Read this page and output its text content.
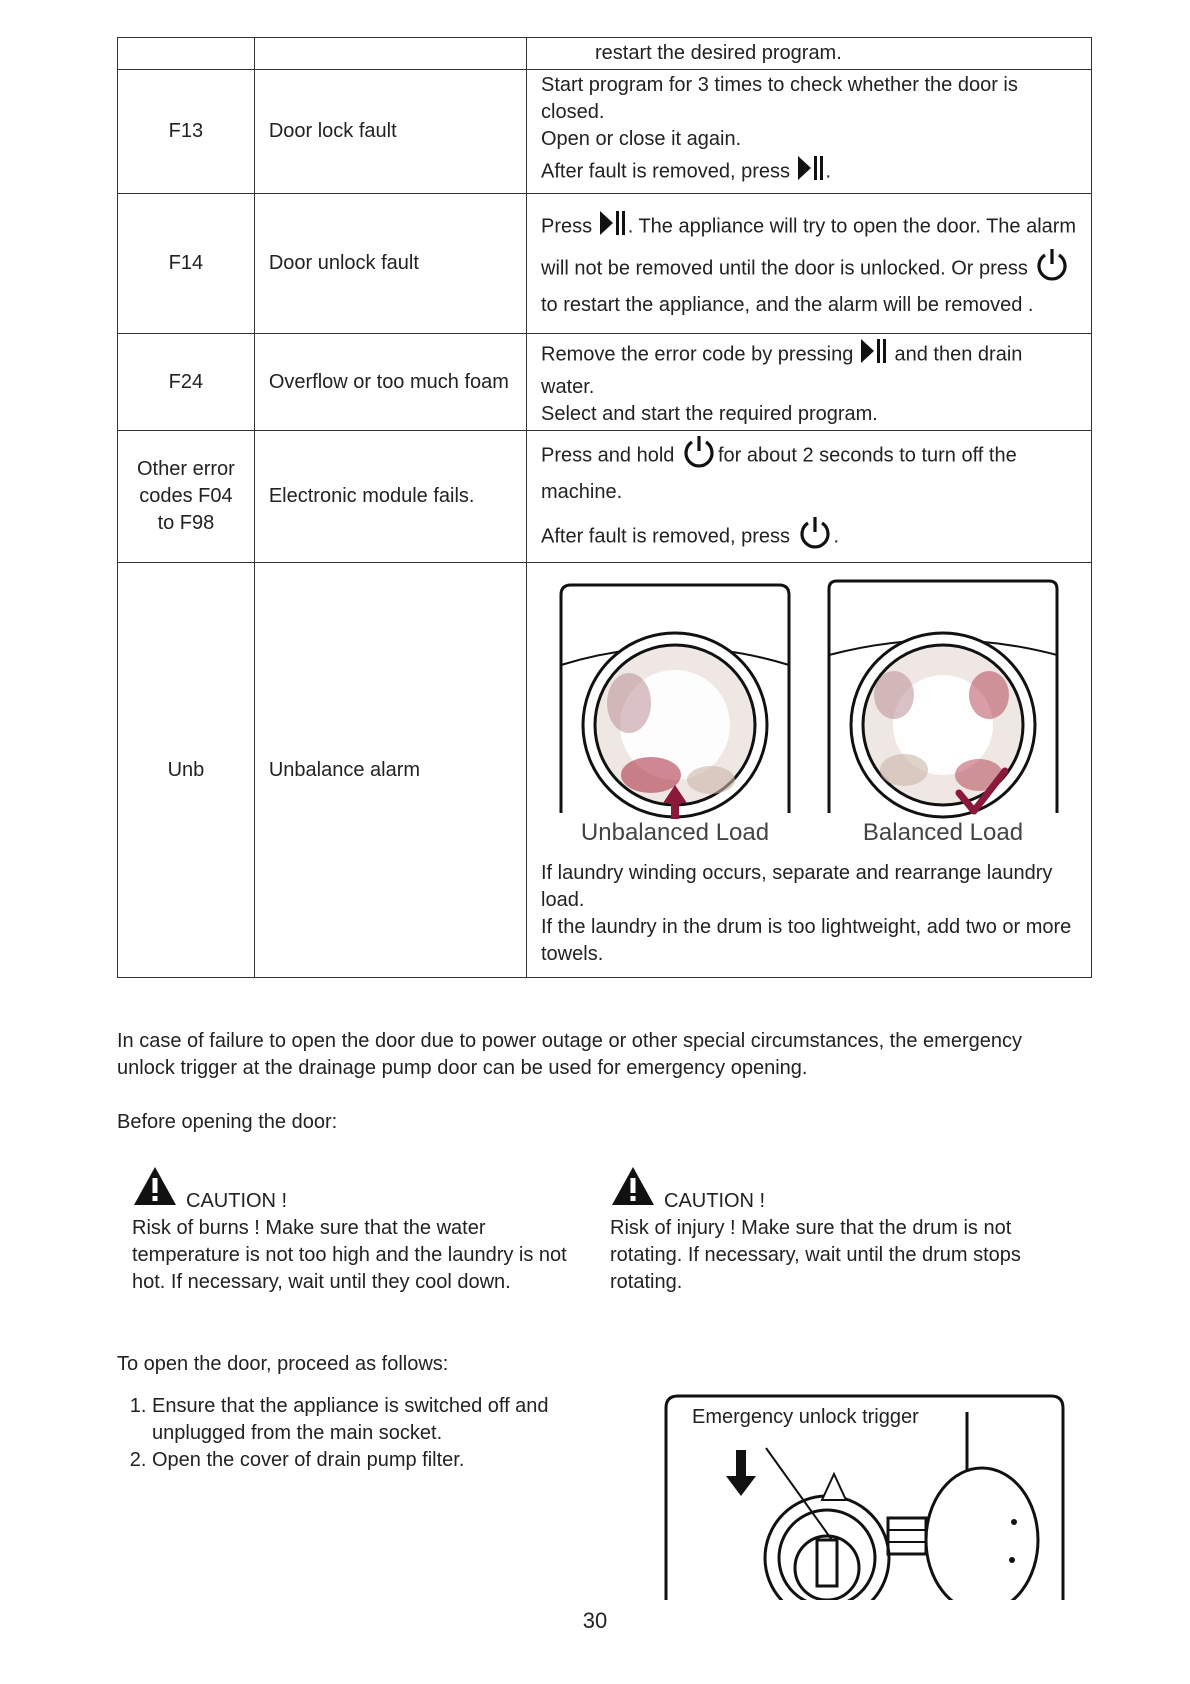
		restart the desired program.
F13	Door lock fault	Start program for 3 times to check whether the door is closed.
Open or close it again.
After fault is removed, press .

F14	Door unlock fault	Press . The appliance will try to open the door. The alarm will not be removed until the door is unlocked. Or press  to restart the appliance, and the alarm will be removed .
F24	Overflow or too much foam	Remove the error code by pressing and then drain water.
Select and start the required program.

Other error codes F04 to F98	Electronic module fails.	Press and hold for about 2 seconds to turn off the machine.
After fault is removed, press .

Unb	Unbalance alarm	Unbalanced Load Balanced Load
If laundry winding occurs, separate and rearrange laundry load.
If the laundry in the drum is too lightweight, add two or more towels.
In case of failure to open the door due to power outage or other special circumstances, the emergency unlock trigger at the drainage pump door can be used for emergency opening.
Before opening the door:
CAUTION !
Risk of burns ! Make sure that the water temperature is not too high and the laundry is not hot. If necessary, wait until they cool down.
CAUTION !
Risk of injury ! Make sure that the drum is not rotating. If necessary, wait until the drum stops rotating.
To open the door, proceed as follows:
1. Ensure that the appliance is switched off and unplugged from the main socket.
2. Open the cover of drain pump filter.
Emergency unlock trigger
30
